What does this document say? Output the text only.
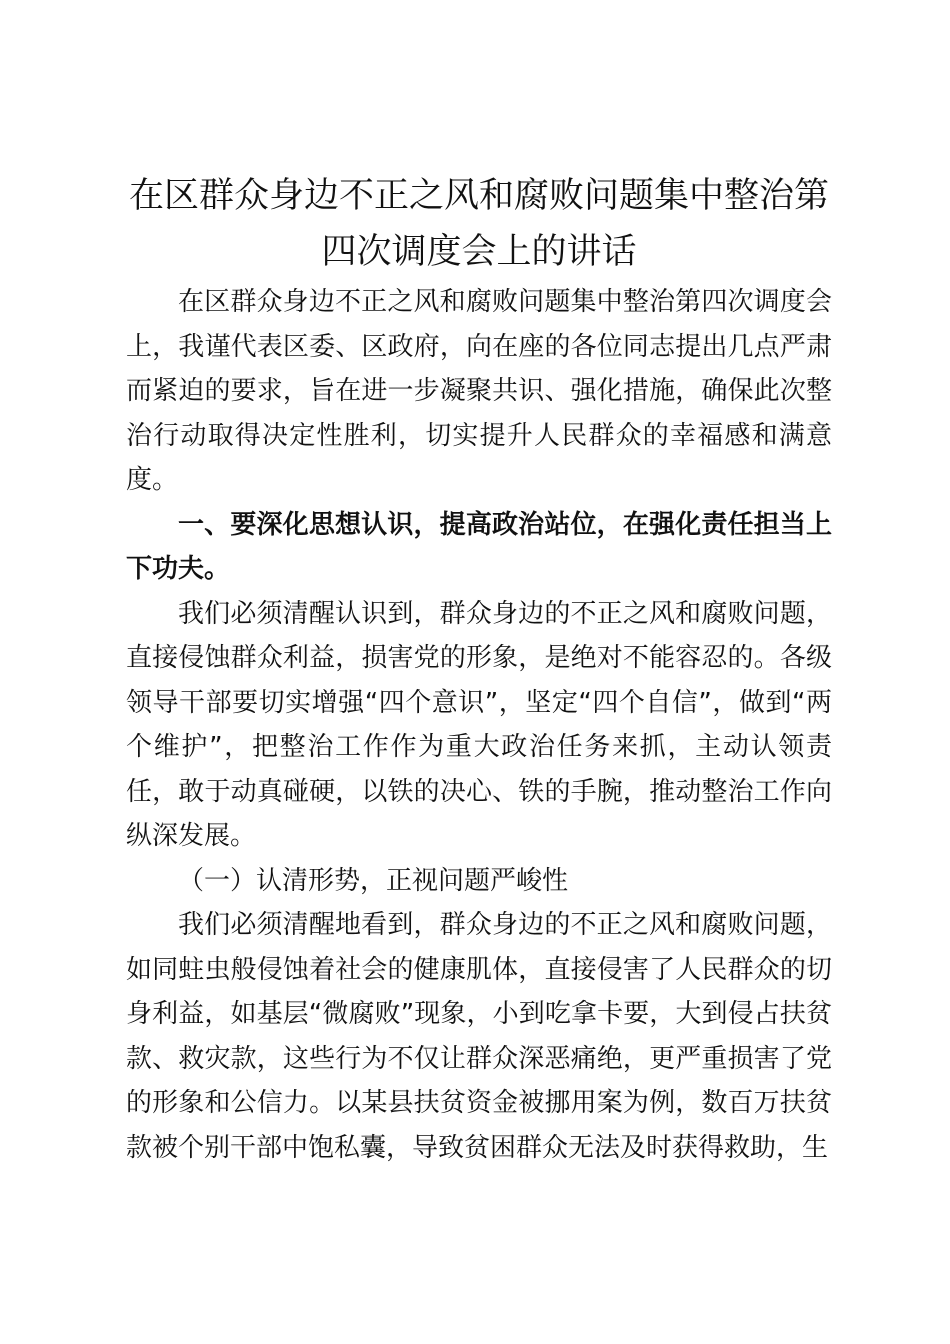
在区群众身边不正之风和腐败问题集中整治第
四次调度会上的讲话

在区群众身边不正之风和腐败问题集中整治第四次调度会上，我谨代表区委、区政府，向在座的各位同志提出几点严肃而紧迫的要求，旨在进一步凝聚共识、强化措施，确保此次整治行动取得决定性胜利，切实提升人民群众的幸福感和满意度。

一、要深化思想认识，提高政治站位，在强化责任担当上下功夫。

我们必须清醒认识到，群众身边的不正之风和腐败问题，直接侵蚀群众利益，损害党的形象，是绝对不能容忍的。各级领导干部要切实增强“四个意识”，坚定“四个自信”，做到“两个维护”，把整治工作作为重大政治任务来抓，主动认领责任，敢于动真碰硬，以铁的决心、铁的手腕，推动整治工作向纵深发展。

（一）认清形势，正视问题严峻性

我们必须清醒地看到，群众身边的不正之风和腐败问题，如同蛀虫般侵蚀着社会的健康肌体，直接侵害了人民群众的切身利益，如基层“微腐败”现象，小到吃拿卡要，大到侵占扶贫款、救灾款，这些行为不仅让群众深恶痛绝，更严重损害了党的形象和公信力。以某县扶贫资金被挪用案为例，数百万扶贫款被个别干部中饱私囊，导致贫困群众无法及时获得救助，生
